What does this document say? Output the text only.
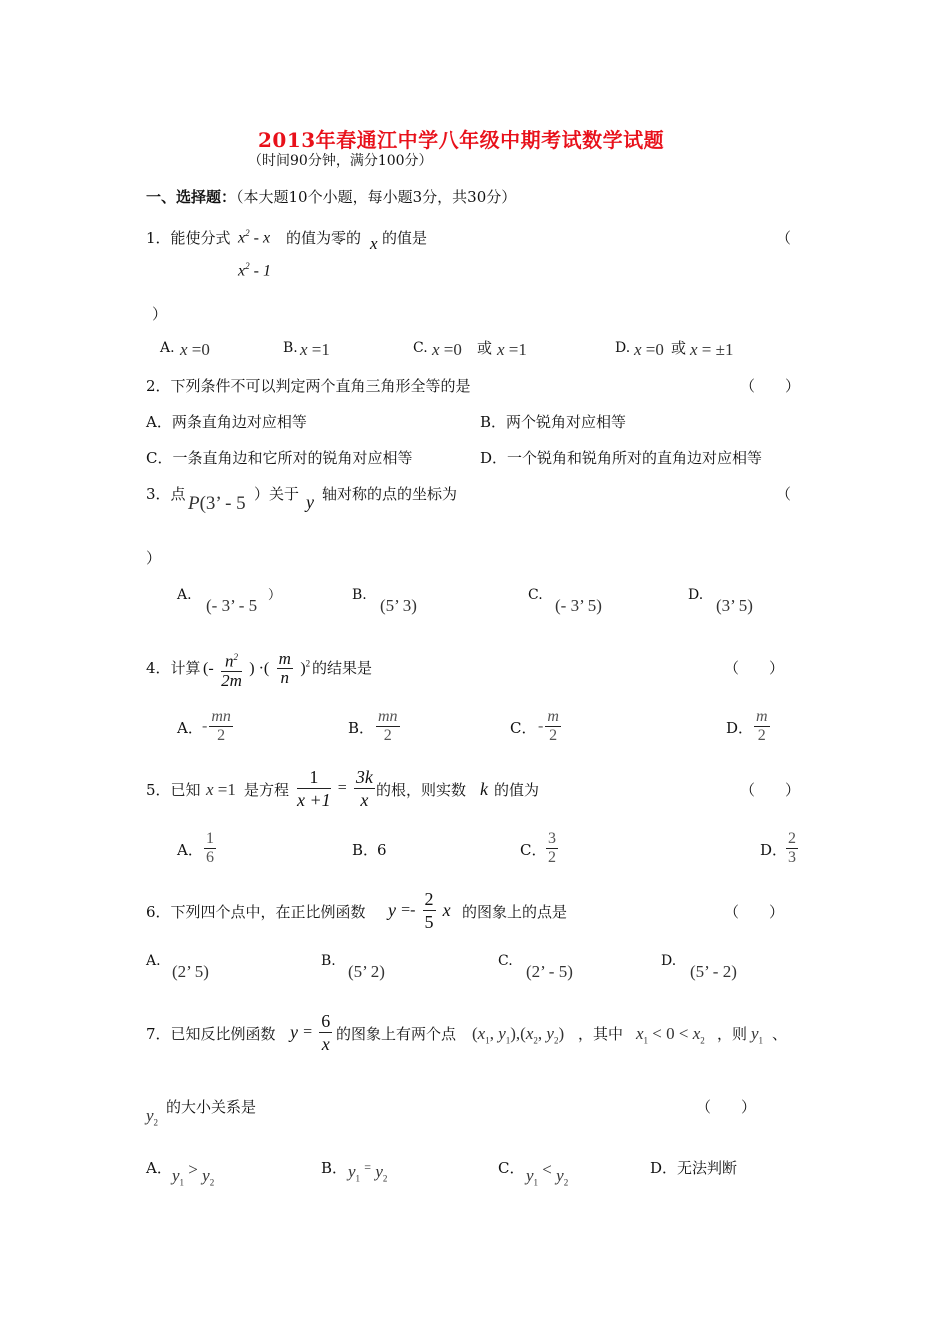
2013年春通江中学八年级中期考试数学试题
（时间90分钟，满分100分）
一、选择题：（本大题10个小题，每小题3分，共30分）
1．能使分式 $x^2$ - x
$x^2 - 1$
的值为零的 x 的值是	（
）
A. x =0	B. x =1	C. x =0 或 x =1	D. x =0 或 x = ±1
2．下列条件不可以判定两个直角三角形全等的是	（　　）
A．两条直角边对应相等	B．两个锐角对应相等
C．一条直角边和它所对的锐角对应相等	D．一个锐角和锐角所对的直角边对应相等
3．点 P(3’ - 5 ）关于 y 轴对称的点的坐标为	（
）
A.
(- 3’ - 5
）	B.
(5’ 3)
C.
(- 3’ 5)
D.
(3’ 5)
4．计算 (- $\frac{n^2}{2m}$ ) ·( $\frac{m}{n} )^2$ 的结果是	（　　）
A． - $\frac{mn}{2}$	B． $\frac{mn}{2}$	C． - $\frac{m}{2}$	D． $\frac{m}{2}$
5．已知 x =1 是方程 $\frac{1}{x +1} = \frac{3k}{x}$ 的根，则实数 k 的值为	（　　）
A． $\frac{1}{6}$	B．
6	C． $\frac{3}{2}$	D．
$\frac{2}{3}$
6．下列四个点中，在正比例函数 $y =- \frac{2}{5}$ x 的图象上的点是	（　　）
A.
(2’ 5)
B.
(5’ 2)
C.
(2’ - 5)
D.
(5’ - 2)
7．已知反比例函数 $y = \frac{6}{x}$ 的图象上有两个点 ($x_1$, $y_1),(x_2$, $y_2$) ，其中 $x_1 < 0 < x_2$ ，则 $y_1$ 、
$y_2$
的大小关系是	（　　）
A． $y_1 > y_2$
B． $y_1$ = $y_2$
C． $y_1 < y_2$
D．无法判断
